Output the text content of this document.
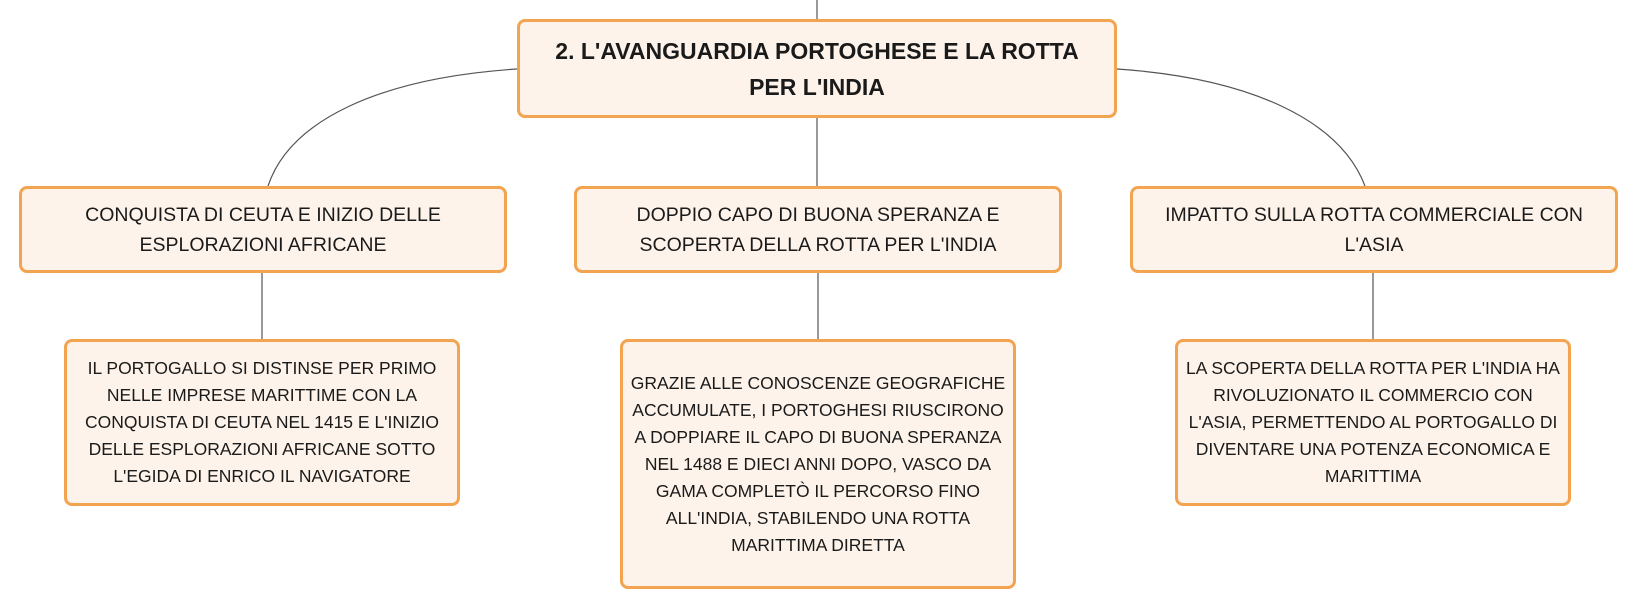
2. L'AVANGUARDIA PORTOGHESE E LA ROTTA PER L'INDIA
CONQUISTA DI CEUTA E INIZIO DELLE ESPLORAZIONI AFRICANE
DOPPIO CAPO DI BUONA SPERANZA E SCOPERTA DELLA ROTTA PER L'INDIA
IMPATTO SULLA ROTTA COMMERCIALE CON L'ASIA
IL PORTOGALLO SI DISTINSE PER PRIMO NELLE IMPRESE MARITTIME CON LA CONQUISTA DI CEUTA NEL 1415 E L'INIZIO DELLE ESPLORAZIONI AFRICANE SOTTO L'EGIDA DI ENRICO IL NAVIGATORE
GRAZIE ALLE CONOSCENZE GEOGRAFICHE ACCUMULATE, I PORTOGHESI RIUSCIRONO A DOPPIARE IL CAPO DI BUONA SPERANZA NEL 1488 E DIECI ANNI DOPO, VASCO DA GAMA COMPLETÒ IL PERCORSO FINO ALL'INDIA, STABILENDO UNA ROTTA MARITTIMA DIRETTA
LA SCOPERTA DELLA ROTTA PER L'INDIA HA RIVOLUZIONATO IL COMMERCIO CON L'ASIA, PERMETTENDO AL PORTOGALLO DI DIVENTARE UNA POTENZA ECONOMICA E MARITTIMA
